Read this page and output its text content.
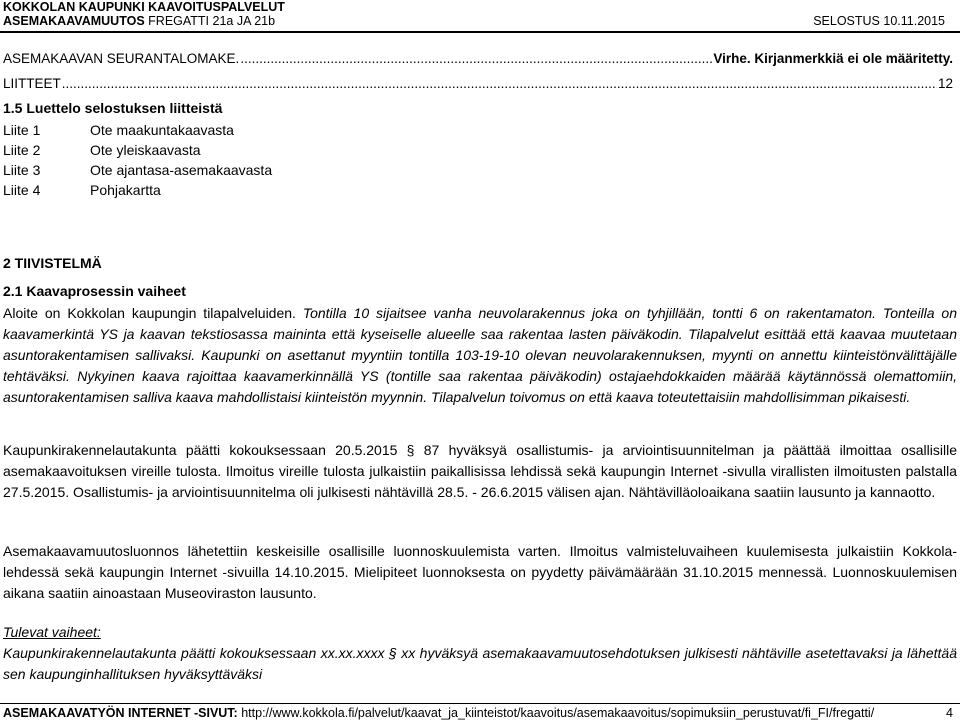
KOKKOLAN KAUPUNKI KAAVOITUSPALVELUT
ASEMAKAAVAMUUTOS FREGATTI 21a JA 21b	SELOSTUS 10.11.2015
ASEMAKAAVAN SEURANTALOMAKE. .....	Virhe. Kirjanmerkkiä ei ole määritetty.
LIITTEET .....	12
1.5 Luettelo selostuksen liitteistä
Liite 1	Ote maakuntakaavasta
Liite 2	Ote yleiskaavasta
Liite 3	Ote ajantasa-asemakaavasta
Liite 4	Pohjakartta
2 TIIVISTELMÄ
2.1 Kaavaprosessin vaiheet

Aloite on Kokkolan kaupungin tilapalveluiden. Tontilla 10 sijaitsee vanha neuvolarakennus joka on tyhjillään, tontti 6 on rakentamaton. Tonteilla on kaavamerkintä YS ja kaavan tekstiosassa maininta että kyseiselle alueelle saa rakentaa lasten päiväkodin. Tilapalvelut esittää että kaavaa muutetaan asuntorakentamisen sallivaksi. Kaupunki on asettanut myyntiin tontilla 103-19-10 olevan neuvolarakennuksen, myynti on annettu kiinteistönvälittäjälle tehtäväksi. Nykyinen kaava rajoittaa kaavamerkinnällä YS (tontille saa rakentaa päiväkodin) ostajaehdokkaiden määrää käytännössä olemattomiin, asuntorakentamisen salliva kaava mahdollistaisi kiinteistön myynnin. Tilapalvelun toivomus on että kaava toteutettaisiin mahdollisimman pikaisesti.

Kaupunkirakennelautakunta päätti kokouksessaan 20.5.2015 § 87 hyväksyä osallistumis- ja arviointisuunnitelman ja päättää ilmoittaa osallisille asemakaavoituksen vireille tulosta. Ilmoitus vireille tulosta julkaistiin paikallisissa lehdissä sekä kaupungin Internet -sivulla virallisten ilmoitusten palstalla 27.5.2015. Osallistumis- ja arviointisuunnitelma oli julkisesti nähtävillä 28.5. - 26.6.2015 välisen ajan. Nähtävilläoloaikana saatiin lausunto ja kannaotto.

Asemakaavamuutosluonnos lähetettiin keskeisille osallisille luonnoskuulemista varten. Ilmoitus valmisteluvaiheen kuulemisesta julkaistiin Kokkola-lehdessä sekä kaupungin Internet -sivuilla 14.10.2015. Mielipiteet luonnoksesta on pyydetty päivämäärään 31.10.2015 mennessä. Luonnoskuulemisen aikana saatiin ainoastaan Museoviraston lausunto.

Tulevat vaiheet:

Kaupunkirakennelautakunta päätti kokouksessaan xx.xx.xxxx § xx hyväksyä asemakaavamuutosehdotuksen julkisesti nähtäville asetettavaksi ja lähettää sen kaupunginhallituksen hyväksyttäväksi

ASEMAKAAVATYÖN INTERNET -SIVUT: http://www.kokkola.fi/palvelut/kaavat_ja_kiinteistot/kaavoitus/asemakaavoitus/sopimuksiin_perustuvat/fi_FI/fregatti/	4
